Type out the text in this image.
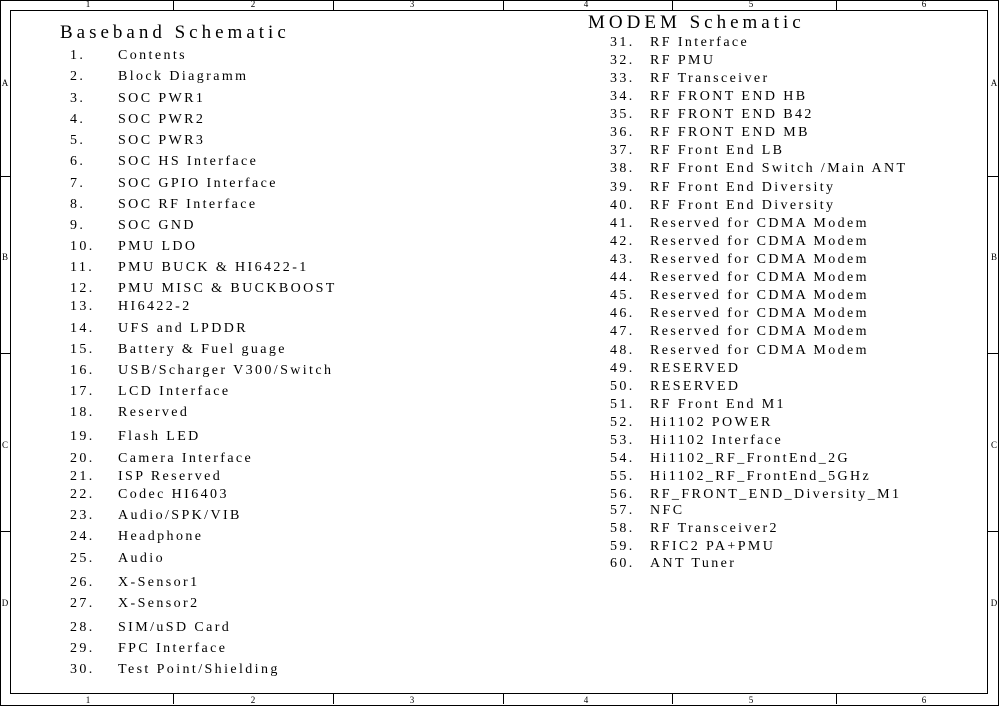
1
1
2
2
3
3
4
4
5
5
6
6
A	A
B	B
C	C
D	D
Baseband Schematic	MODEM Schematic
1. Contents
2. Block Diagramm
3. SOC PWR1
4. SOC PWR2
5. SOC PWR3
6. SOC HS Interface
7. SOC GPIO Interface
8. SOC RF Interface
9. SOC GND
10. PMU LDO
11. PMU BUCK & HI6422-1
12. PMU MISC & BUCKBOOST
13. HI6422-2
14. UFS and LPDDR
15. Battery & Fuel guage
16. USB/Scharger V300/Switch
17. LCD Interface
18. Reserved
19. Flash LED
20. Camera Interface
21. ISP Reserved
22. Codec HI6403
23. Audio/SPK/VIB
24. Headphone
25. Audio
26. X-Sensor1
27. X-Sensor2
28. SIM/uSD Card
29. FPC Interface
30. Test Point/Shielding
31. RF Interface
32. RF PMU
33. RF Transceiver
34. RF FRONT END HB
35. RF FRONT END B42
36. RF FRONT END MB
37. RF Front End LB
38. RF Front End Switch /Main ANT
39. RF Front End Diversity
40. RF Front End Diversity
41. Reserved for CDMA Modem
42. Reserved for CDMA Modem
43. Reserved for CDMA Modem
44. Reserved for CDMA Modem
45. Reserved for CDMA Modem
46. Reserved for CDMA Modem
47. Reserved for CDMA Modem
48. Reserved for CDMA Modem
49. RESERVED
50. RESERVED
51. RF Front End M1
52. Hi1102 POWER
53. Hi1102 Interface
54. Hi1102_RF_FrontEnd_2G
55. Hi1102_RF_FrontEnd_5GHz
56. RF_FRONT_END_Diversity_M1
57. NFC
58. RF Transceiver2
59. RFIC2 PA+PMU
60. ANT Tuner
